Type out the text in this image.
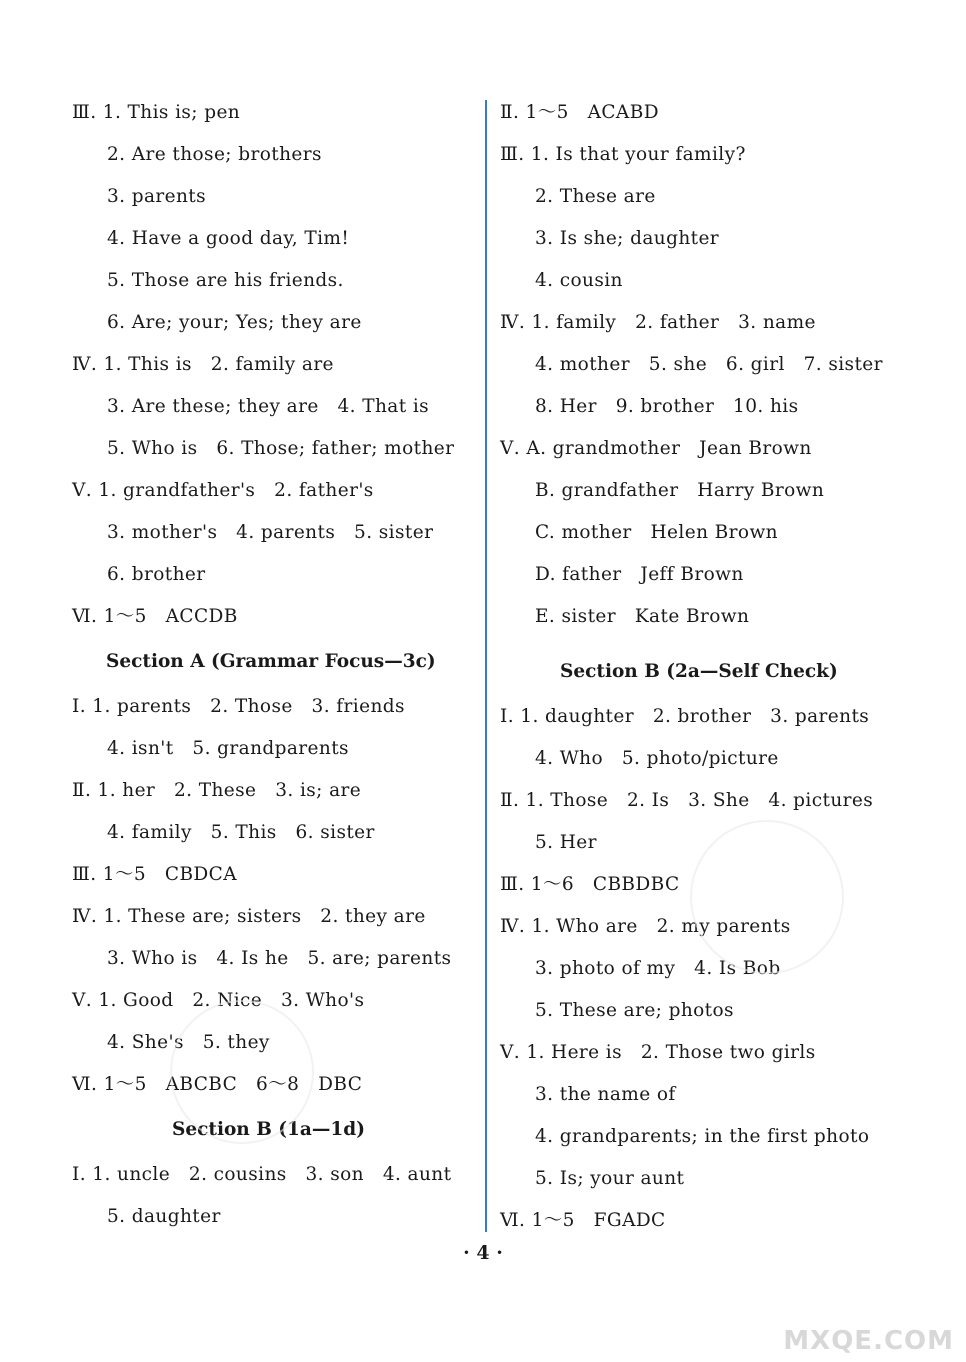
Ⅲ. 1. This is; pen
2. Are those; brothers
3. parents
4. Have a good day, Tim!
5. Those are his friends.
6. Are; your; Yes; they are
Ⅳ. 1. This is   2. family are
3. Are these; they are   4. That is
5. Who is   6. Those; father; mother
Ⅴ. 1. grandfather's   2. father's
3. mother's   4. parents   5. sister
6. brother
Ⅵ. 1～5   ACCDB
Section A (Grammar Focus—3c)
Ⅰ. 1. parents   2. Those   3. friends
4. isn't   5. grandparents
Ⅱ. 1. her   2. These   3. is; are
4. family   5. This   6. sister
Ⅲ. 1～5   CBDCA
Ⅳ. 1. These are; sisters   2. they are
3. Who is   4. Is he   5. are; parents
Ⅴ. 1. Good   2. Nice   3. Who's
4. She's   5. they
Ⅵ. 1～5   ABCBC   6～8   DBC
Section B (1a—1d)
Ⅰ. 1. uncle   2. cousins   3. son   4. aunt
5. daughter
Ⅱ. 1～5   ACABD
Ⅲ. 1. Is that your family?
2. These are
3. Is she; daughter
4. cousin
Ⅳ. 1. family   2. father   3. name
4. mother   5. she   6. girl   7. sister
8. Her   9. brother   10. his
Ⅴ. A. grandmother   Jean Brown
B. grandfather   Harry Brown
C. mother   Helen Brown
D. father   Jeff Brown
E. sister   Kate Brown
Section B (2a—Self Check)
Ⅰ. 1. daughter   2. brother   3. parents
4. Who   5. photo/picture
Ⅱ. 1. Those   2. Is   3. She   4. pictures
5. Her
Ⅲ. 1～6   CBBDBC
Ⅳ. 1. Who are   2. my parents
3. photo of my   4. Is Bob
5. These are; photos
Ⅴ. 1. Here is   2. Those two girls
3. the name of
4. grandparents; in the first photo
5. Is; your aunt
Ⅵ. 1～5   FGADC
· 4 ·
MXQE.COM
